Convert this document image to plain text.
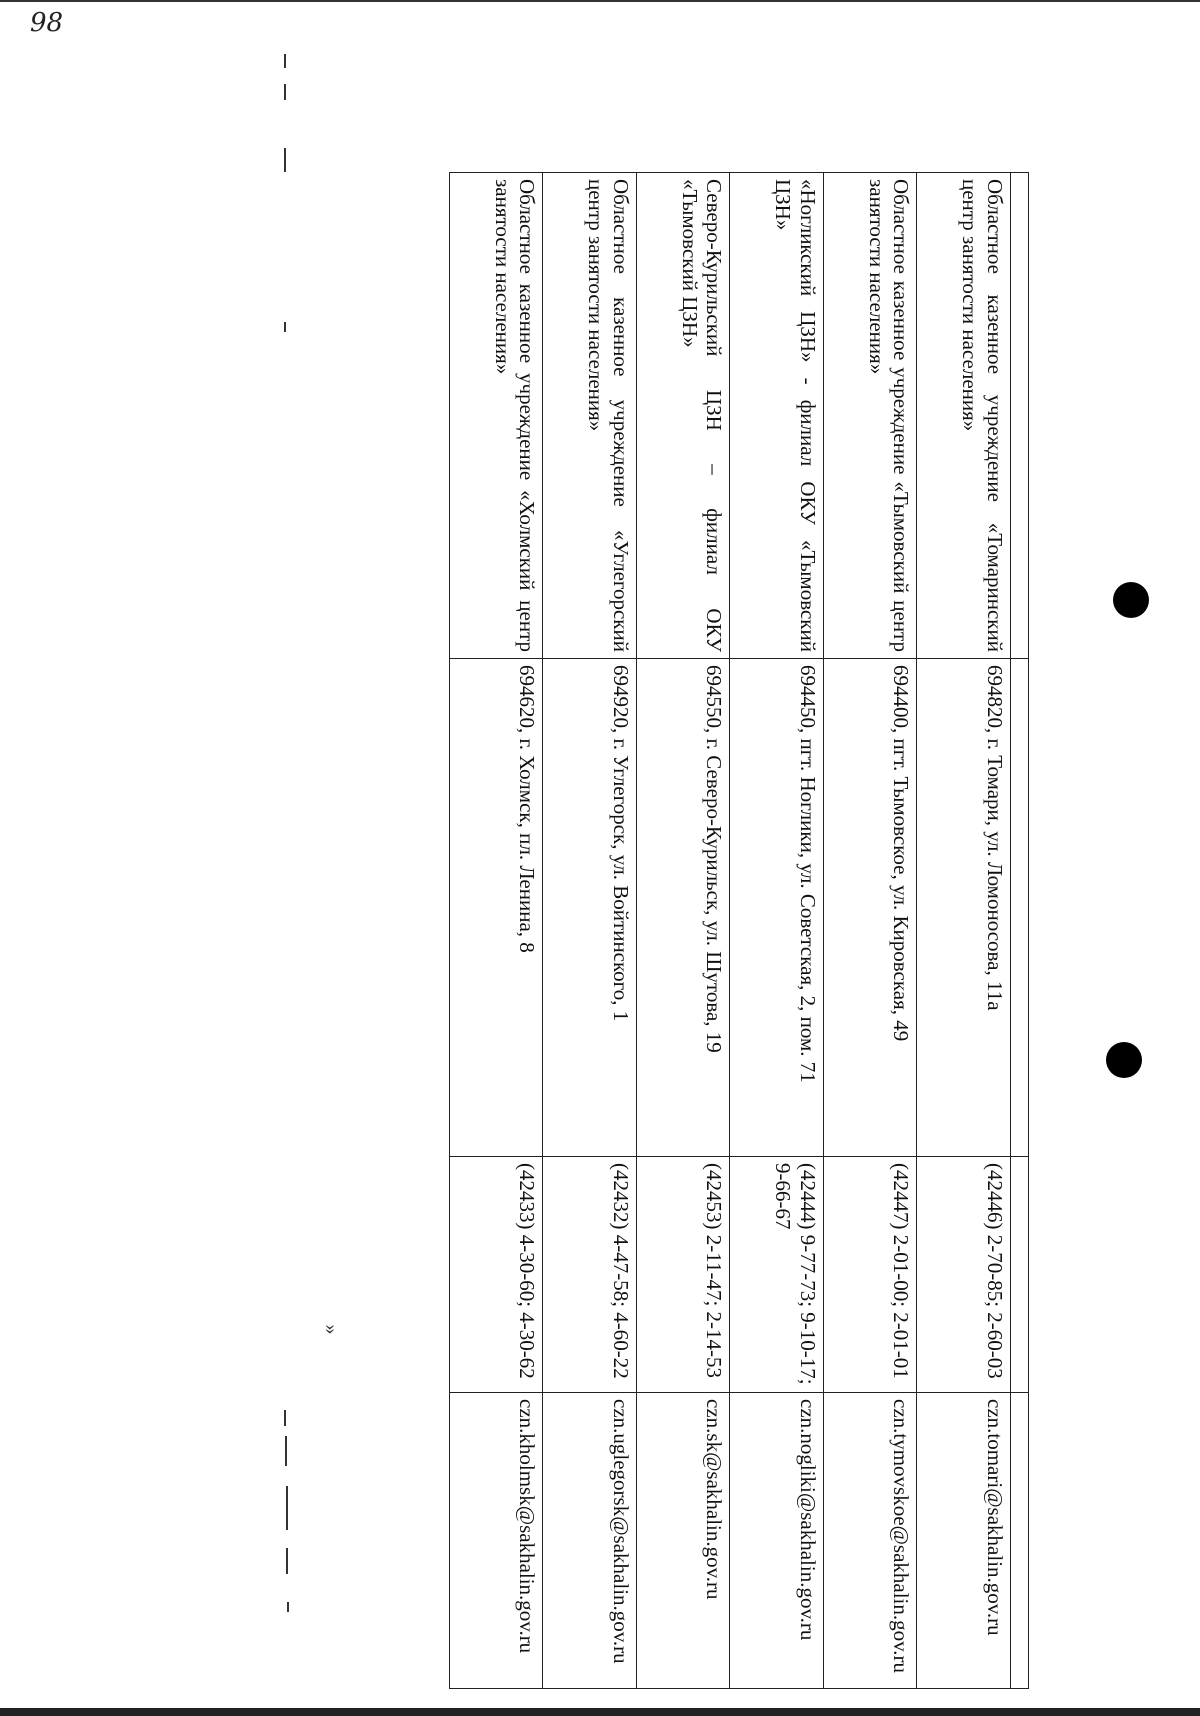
98
»

Областное казенное учреждение «Томаринский центр занятости населения»	694820, г. Томари, ул. Ломоносова, 11а	(42446) 2-70-85; 2-60-03	czn.tomari@sakhalin.gov.ru
Областное казенное учреждение «Тымовский центр занятости населения»	694400, пгт. Тымовское, ул. Кировская, 49	(42447) 2-01-00; 2-01-01	czn.tymovskoe@sakhalin.gov.ru
«Ногликский ЦЗН» - филиал ОКУ «Тымовский ЦЗН»	694450, пгт. Ноглики, ул. Советская, 2, пом. 71	(42444) 9-77-73; 9-10-17; 9-66-67	czn.nogliki@sakhalin.gov.ru
Северо-Курильский ЦЗН – филиал ОКУ «Тымовский ЦЗН»	694550, г. Северо-Курильск, ул. Шутова, 19	(42453) 2-11-47; 2-14-53	czn.sk@sakhalin.gov.ru
Областное казенное учреждение «Углегорский центр занятости населения»	694920, г. Углегорск, ул. Войтинского, 1	(42432) 4-47-58; 4-60-22	czn.uglegorsk@sakhalin.gov.ru
Областное казенное учреждение «Холмский центр занятости населения»	694620, г. Холмск, пл. Ленина, 8	(42433) 4-30-60; 4-30-62	czn.kholmsk@sakhalin.gov.ru
